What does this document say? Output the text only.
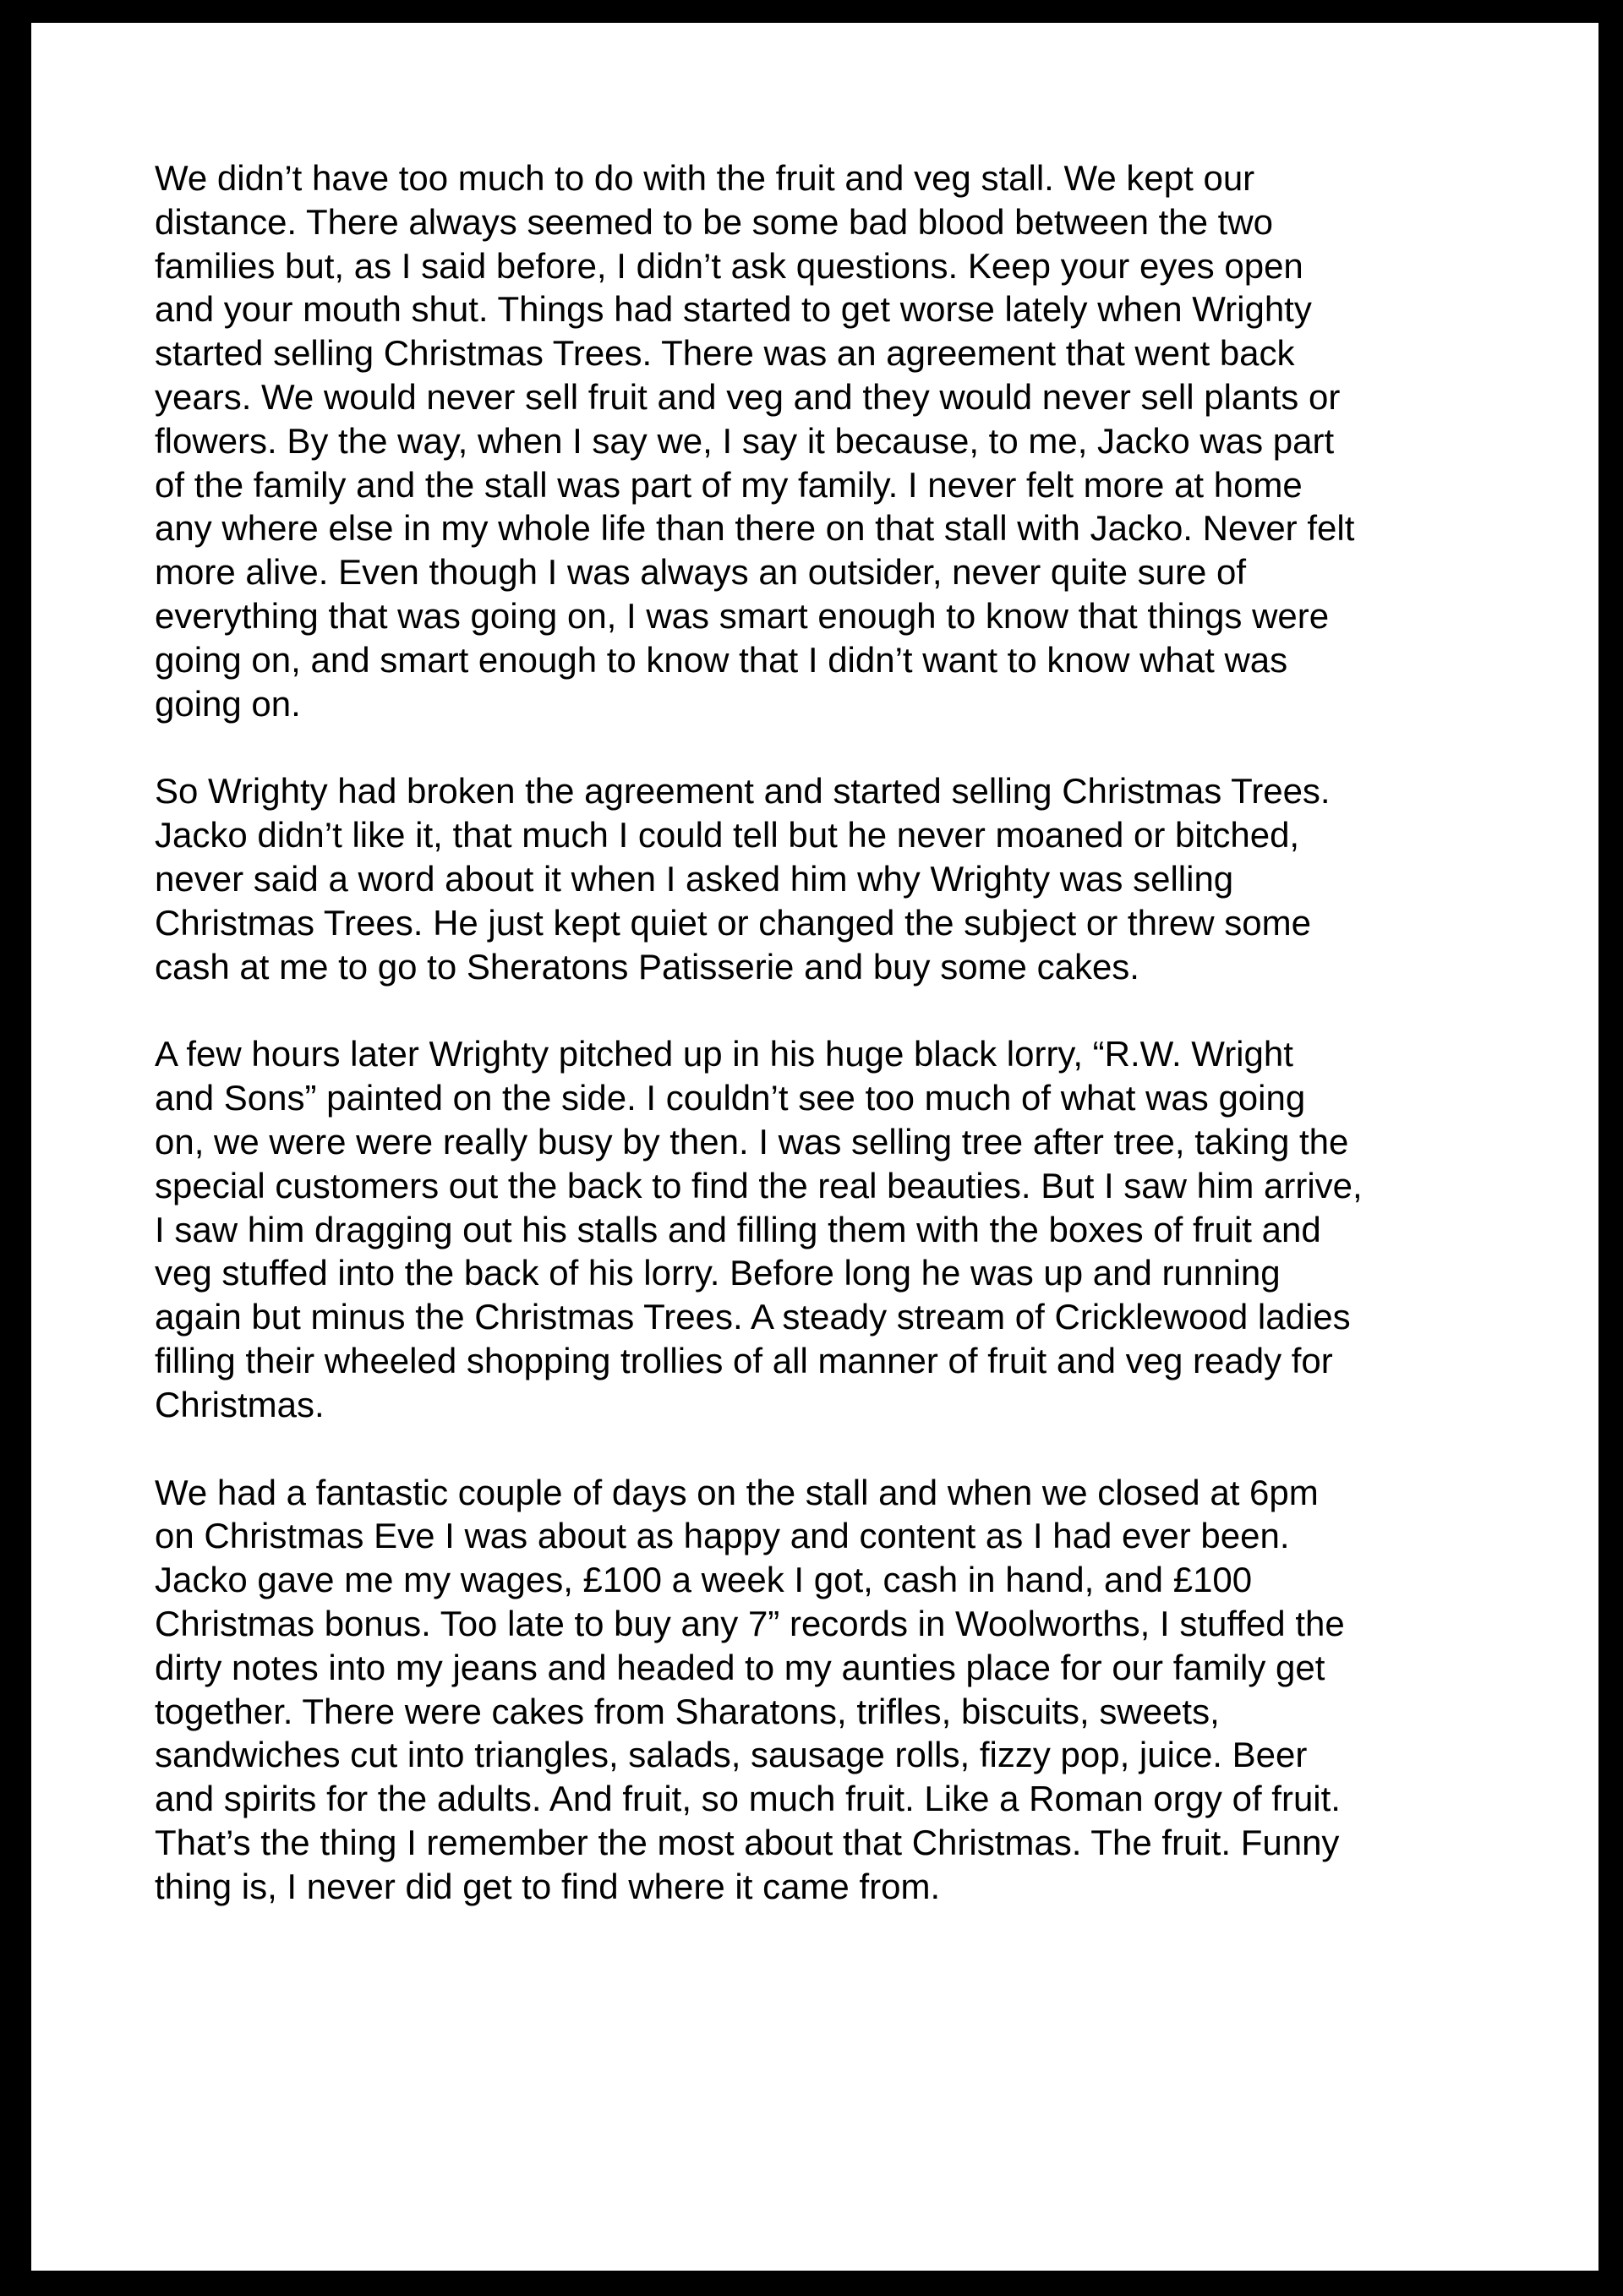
We didn’t have too much to do with the fruit and veg stall. We kept our
distance. There always seemed to be some bad blood between the two
families but, as I said before, I didn’t ask questions. Keep your eyes open
and your mouth shut. Things had started to get worse lately when Wrighty
started selling Christmas Trees. There was an agreement that went back
years. We would never sell fruit and veg and they would never sell plants or
flowers. By the way, when I say we, I say it because, to me, Jacko was part
of the family and the stall was part of my family. I never felt more at home
any where else in my whole life than there on that stall with Jacko. Never felt
more alive. Even though I was always an outsider, never quite sure of
everything that was going on, I was smart enough to know that things were
going on, and smart enough to know that I didn’t want to know what was
going on.

So Wrighty had broken the agreement and started selling Christmas Trees.
Jacko didn’t like it, that much I could tell but he never moaned or bitched,
never said a word about it when I asked him why Wrighty was selling
Christmas Trees. He just kept quiet or changed the subject or threw some
cash at me to go to Sheratons Patisserie and buy some cakes.

A few hours later Wrighty pitched up in his huge black lorry, “R.W. Wright
and Sons” painted on the side. I couldn’t see too much of what was going
on, we were were really busy by then. I was selling tree after tree, taking the
special customers out the back to find the real beauties. But I saw him arrive,
I saw him dragging out his stalls and filling them with the boxes of fruit and
veg stuffed into the back of his lorry. Before long he was up and running
again but minus the Christmas Trees. A steady stream of Cricklewood ladies
filling their wheeled shopping trollies of all manner of fruit and veg ready for
Christmas.

We had a fantastic couple of days on the stall and when we closed at 6pm
on Christmas Eve I was about as happy and content as I had ever been.
Jacko gave me my wages, £100 a week I got, cash in hand, and £100
Christmas bonus. Too late to buy any 7” records in Woolworths, I stuffed the
dirty notes into my jeans and headed to my aunties place for our family get
together. There were cakes from Sharatons, trifles, biscuits, sweets,
sandwiches cut into triangles, salads, sausage rolls, fizzy pop, juice. Beer
and spirits for the adults. And fruit, so much fruit. Like a Roman orgy of fruit.
That’s the thing I remember the most about that Christmas. The fruit. Funny
thing is, I never did get to find where it came from.
